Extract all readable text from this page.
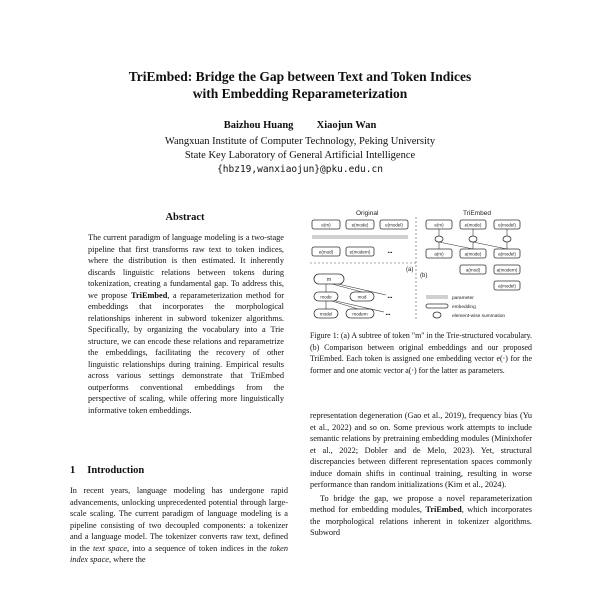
TriEmbed: Bridge the Gap between Text and Token Indices
with Embedding Reparameterization
Baizhou Huang Xiaojun Wan
Wangxuan Institute of Computer Technology, Peking University
State Key Laboratory of General Artificial Intelligence
{hbz19,wanxiaojun}@pku.edu.cn
Abstract
The current paradigm of language modeling is a two-stage pipeline that first transforms raw text to token indices, where the distribution is then estimated. It inherently discards linguistic relations between tokens during tokenization, creating a fundamental gap. To address this, we propose TriEmbed, a reparameterization method for embeddings that incorporates the morphological relationships inherent in subword tokenizer algorithms. Specifically, by organizing the vocabulary into a Trie structure, we can encode these relations and reparametrize the embeddings, facilitating the recovery of other linguistic relationships during training. Empirical results across various settings demonstrate that TriEmbed outperforms conventional embeddings from the perspective of scaling, while offering more linguistically informative token embeddings.
1 Introduction
In recent years, language modeling has undergone rapid advancements, unlocking unprecedented potential through large-scale scaling. The current paradigm of language modeling is a pipeline consisting of two decoupled components: a tokenizer and a language model. The tokenizer converts raw text, defined in the text space, into a sequence of token indices in the token index space, where the
Original	TriEmbed
e(m)	e(mode)	e(model)
e(mod)	e(modern)	•••
e(m)	e(mode)	e(model)
a(m)	a(mode)	a(model)
a(mod)	a(modern)
a(model)
(a)
(b)
m
mode	mod	•••
model	modern	•••
parameter
embedding
element-wise summation
Figure 1: (a) A subtree of token "m" in the Trie-structured vocabulary. (b) Comparison between original embeddings and our proposed TriEmbed. Each token is assigned one embedding vector e(·) for the former and one atomic vector a(·) for the latter as parameters.

representation degeneration (Gao et al., 2019), frequency bias (Yu et al., 2022) and so on. Some previous work attempts to include semantic relations by pretraining embedding modules (Minixhofer et al., 2022; Dobler and de Melo, 2023). Yet, structural discrepancies between different representation spaces commonly induce domain shifts in continual training, resulting in worse performance than random initializations (Kim et al., 2024).

To bridge the gap, we propose a novel reparameterization method for embedding modules, TriEmbed, which incorporates the morphological relations inherent in tokenizer algorithms. Subword
